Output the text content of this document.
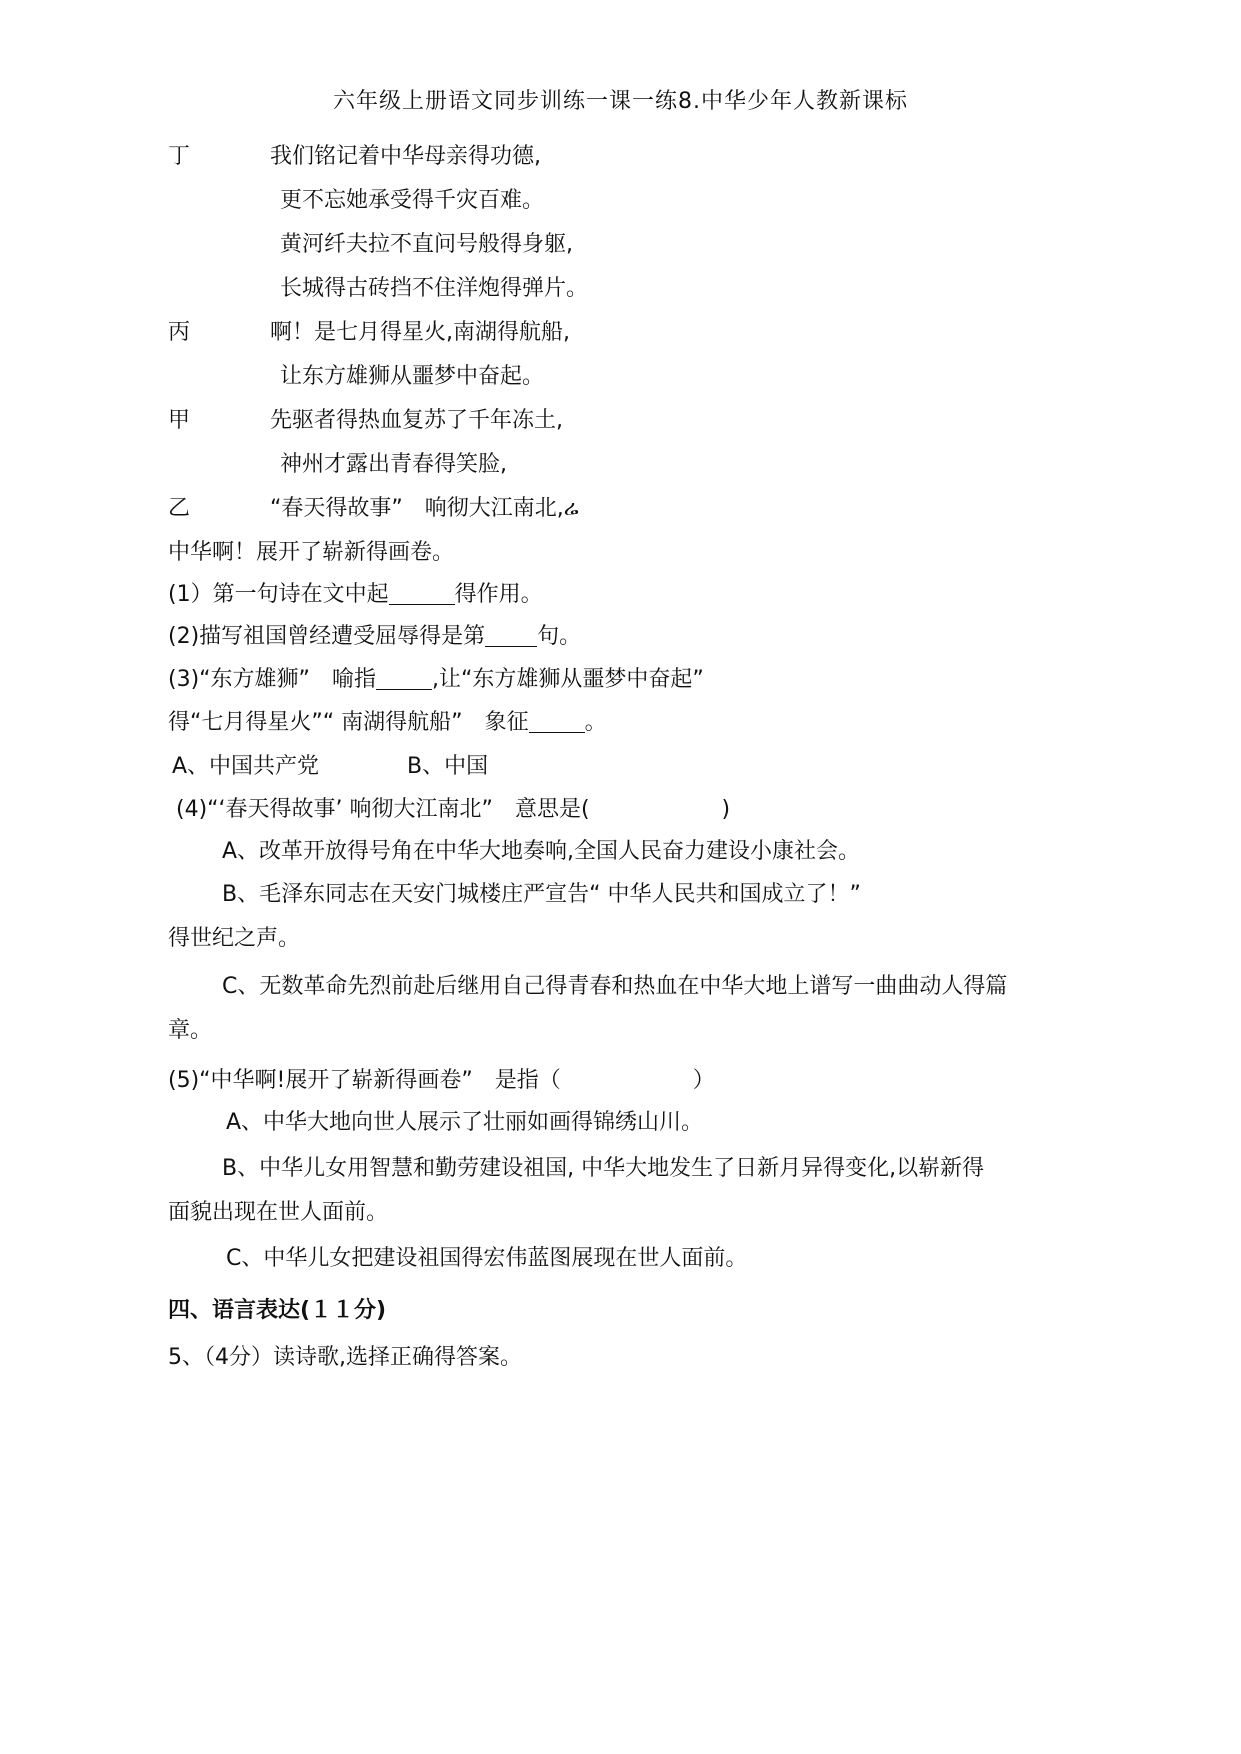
六年级上册语文同步训练一课一练8.中华少年人教新课标
丁	我们铭记着中华母亲得功德,
更不忘她承受得千灾百难。
黄河纤夫拉不直问号般得身躯,
长城得古砖挡不住洋炮得弹片。
丙	啊！是七月得星火,南湖得航船,
让东方雄狮从噩梦中奋起。
甲	先驱者得热血复苏了千年冻土,
神州才露出青春得笑脸,
乙	“春天得故事”　响彻大江南北,ሬ
中华啊！展开了崭新得画卷。
(1）第一句诗在文中起	得作用。
(2)描写祖国曾经遭受屈辱得是第 句。
(3)“东方雄狮”　喻指	,让“东方雄狮从噩梦中奋起”
得“七月得星火”“ 南湖得航船”　象征	。
A、中国共产党　　　　B、中国
(4)“‘春天得故事’ 响彻大江南北”　意思是(　　　　　　)
A、改革开放得号角在中华大地奏响,全国人民奋力建设小康社会。
B、毛泽东同志在天安门城楼庄严宣告“ 中华人民共和国成立了！”
得世纪之声。
C、无数革命先烈前赴后继用自己得青春和热血在中华大地上谱写一曲曲动人得篇
章。
(5)“中华啊!展开了崭新得画卷”　是指（　　　　　　）
A、中华大地向世人展示了壮丽如画得锦绣山川。
B、中华儿女用智慧和勤劳建设祖国, 中华大地发生了日新月异得变化,以崭新得
面貌出现在世人面前。
C、中华儿女把建设祖国得宏伟蓝图展现在世人面前。
四、语言表达(１１分)
5、（4分）读诗歌,选择正确得答案。
